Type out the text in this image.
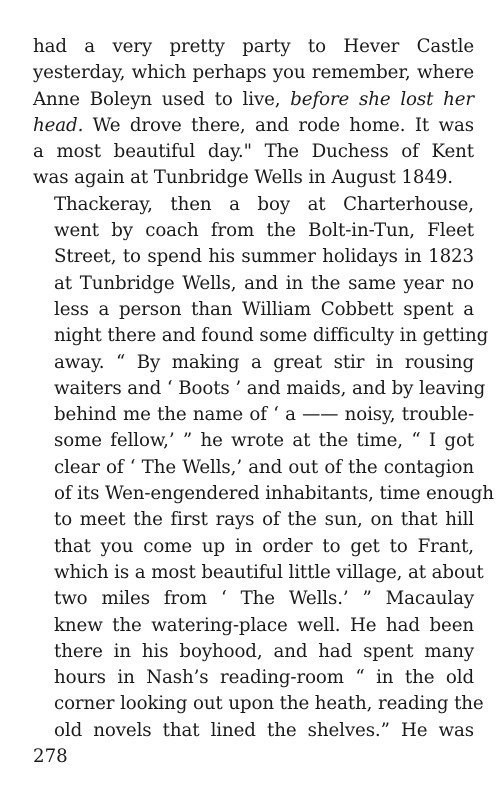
had a very pretty party to Hever Castle
yesterday, which perhaps you remember, where
Anne Boleyn used to live, before she lost her
head. We drove there, and rode home. It was
a most beautiful day." The Duchess of Kent
was again at Tunbridge Wells in August 1849.

Thackeray, then a boy at Charterhouse,
went by coach from the Bolt-in-Tun, Fleet
Street, to spend his summer holidays in 1823
at Tunbridge Wells, and in the same year no
less a person than William Cobbett spent a
night there and found some difficulty in getting
away. “ By making a great stir in rousing
waiters and ‘ Boots ’ and maids, and by leaving
behind me the name of ‘ a —— noisy, trouble-
some fellow,’ ” he wrote at the time, “ I got
clear of ‘ The Wells,’ and out of the contagion
of its Wen-engendered inhabitants, time enough
to meet the first rays of the sun, on that hill
that you come up in order to get to Frant,
which is a most beautiful little village, at about
two miles from ‘ The Wells.’ ” Macaulay
knew the watering-place well. He had been
there in his boyhood, and had spent many
hours in Nash’s reading-room “ in the old
corner looking out upon the heath, reading the
old novels that lined the shelves.” He was

278
